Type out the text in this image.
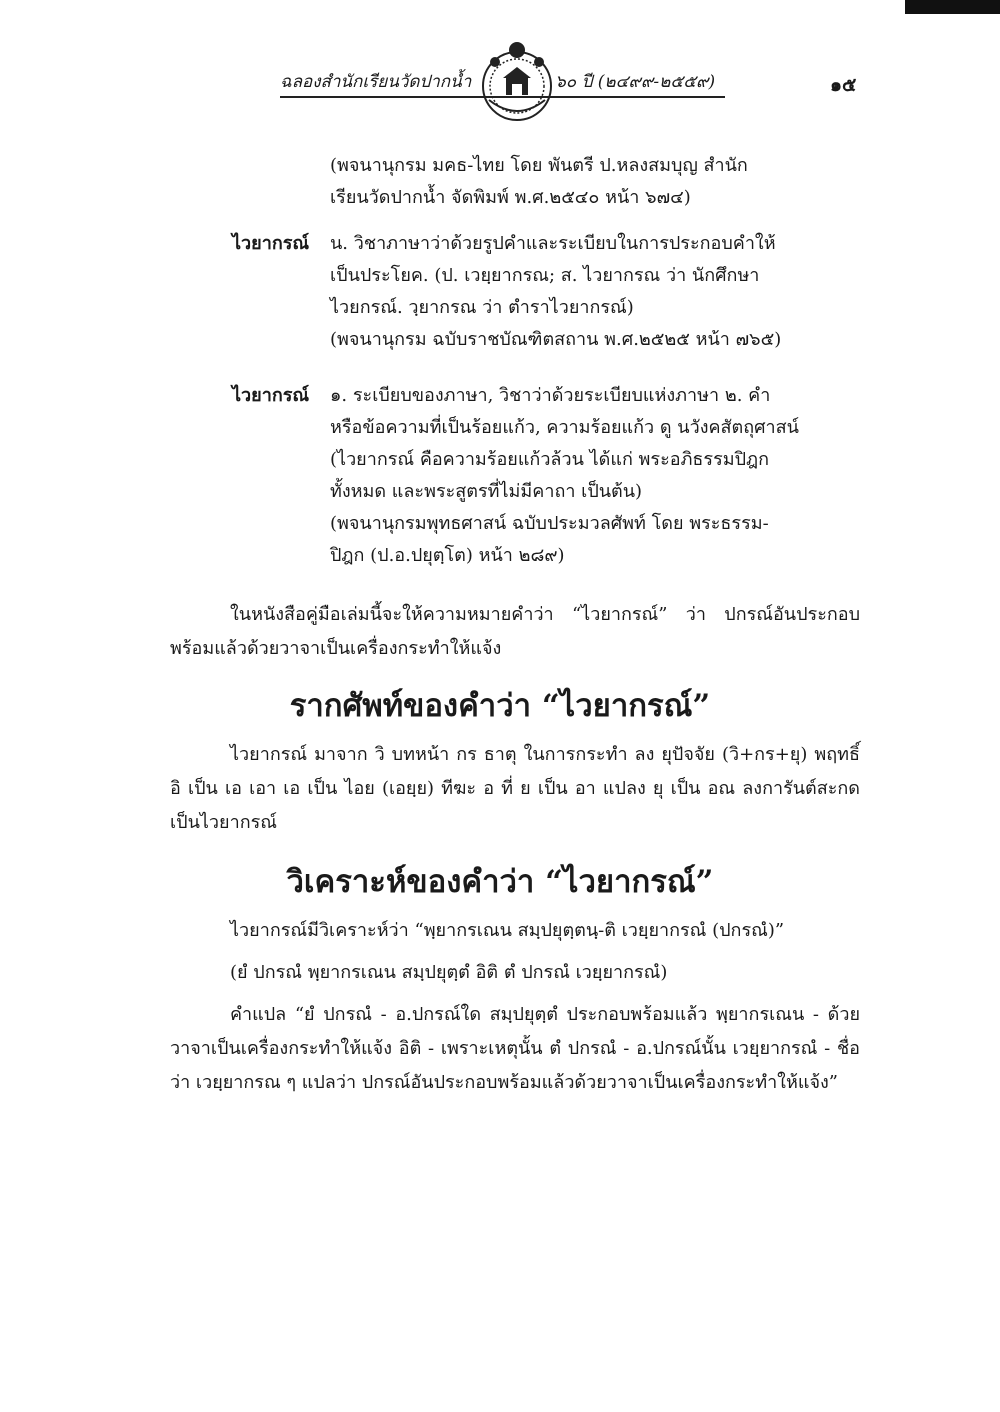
ฉลองสำนักเรียนวัดปากน้ำ	๖๐ ปี (๒๔๙๙-๒๕๕๙)	๑๕
(พจนานุกรม มคธ-ไทย โดย พันตรี ป.หลงสมบุญ สำนัก
เรียนวัดปากน้ำ จัดพิมพ์ พ.ศ.๒๕๔๐ หน้า ๖๗๔)
ไวยากรณ์ น. วิชาภาษาว่าด้วยรูปคำและระเบียบในการประกอบคำให้
เป็นประโยค. (ป. เวยฺยากรณ; ส. ไวยากรณ ว่า นักศึกษา
ไวยกรณ์. วฺยากรณ ว่า ตำราไวยากรณ์)
(พจนานุกรม ฉบับราชบัณฑิตสถาน พ.ศ.๒๕๒๕ หน้า ๗๖๕)
ไวยากรณ์ ๑. ระเบียบของภาษา, วิชาว่าด้วยระเบียบแห่งภาษา ๒. คำ
หรือข้อความที่เป็นร้อยแก้ว, ความร้อยแก้ว ดู นวังคสัตถุศาสน์
(ไวยากรณ์ คือความร้อยแก้วล้วน ได้แก่ พระอภิธรรมปิฎก
ทั้งหมด และพระสูตรที่ไม่มีคาถา เป็นต้น)
(พจนานุกรมพุทธศาสน์ ฉบับประมวลศัพท์ โดย พระธรรม-
ปิฎก (ป.อ.ปยุตฺโต) หน้า ๒๘๙)
ในหนังสือคู่มือเล่มนี้จะให้ความหมายคำว่า “ไวยากรณ์” ว่า ปกรณ์อันประกอบพร้อมแล้วด้วยวาจาเป็นเครื่องกระทำให้แจ้ง
รากศัพท์ของคำว่า “ไวยากรณ์”
ไวยากรณ์ มาจาก วิ บทหน้า กร ธาตุ ในการกระทำ ลง ยุปัจจัย (วิ+กร+ยุ) พฤทธิ์ อิ เป็น เอ เอา เอ เป็น ไอย (เอยฺย) ทีฆะ อ ที่ ย เป็น อา แปลง ยุ เป็น อณ ลงการันต์สะกด เป็นไวยากรณ์
วิเคราะห์ของคำว่า “ไวยากรณ์”
ไวยากรณ์มีวิเคราะห์ว่า “พฺยากรเณน สมฺปยุตฺตนฺ-ติ เวยฺยากรณํ (ปกรณํ)”
(ยํ ปกรณํ พฺยากรเณน สมฺปยุตฺตํ อิติ ตํ ปกรณํ เวยฺยากรณํ)
คำแปล “ยํ ปกรณํ - อ.ปกรณ์ใด สมฺปยุตฺตํ ประกอบพร้อมแล้ว พฺยากรเณน - ด้วยวาจาเป็นเครื่องกระทำให้แจ้ง อิติ - เพราะเหตุนั้น ตํ ปกรณํ - อ.ปกรณ์นั้น เวยฺยากรณํ - ชื่อว่า เวยฺยากรณ ๆ แปลว่า ปกรณ์อันประกอบพร้อมแล้วด้วยวาจาเป็นเครื่องกระทำให้แจ้ง”
